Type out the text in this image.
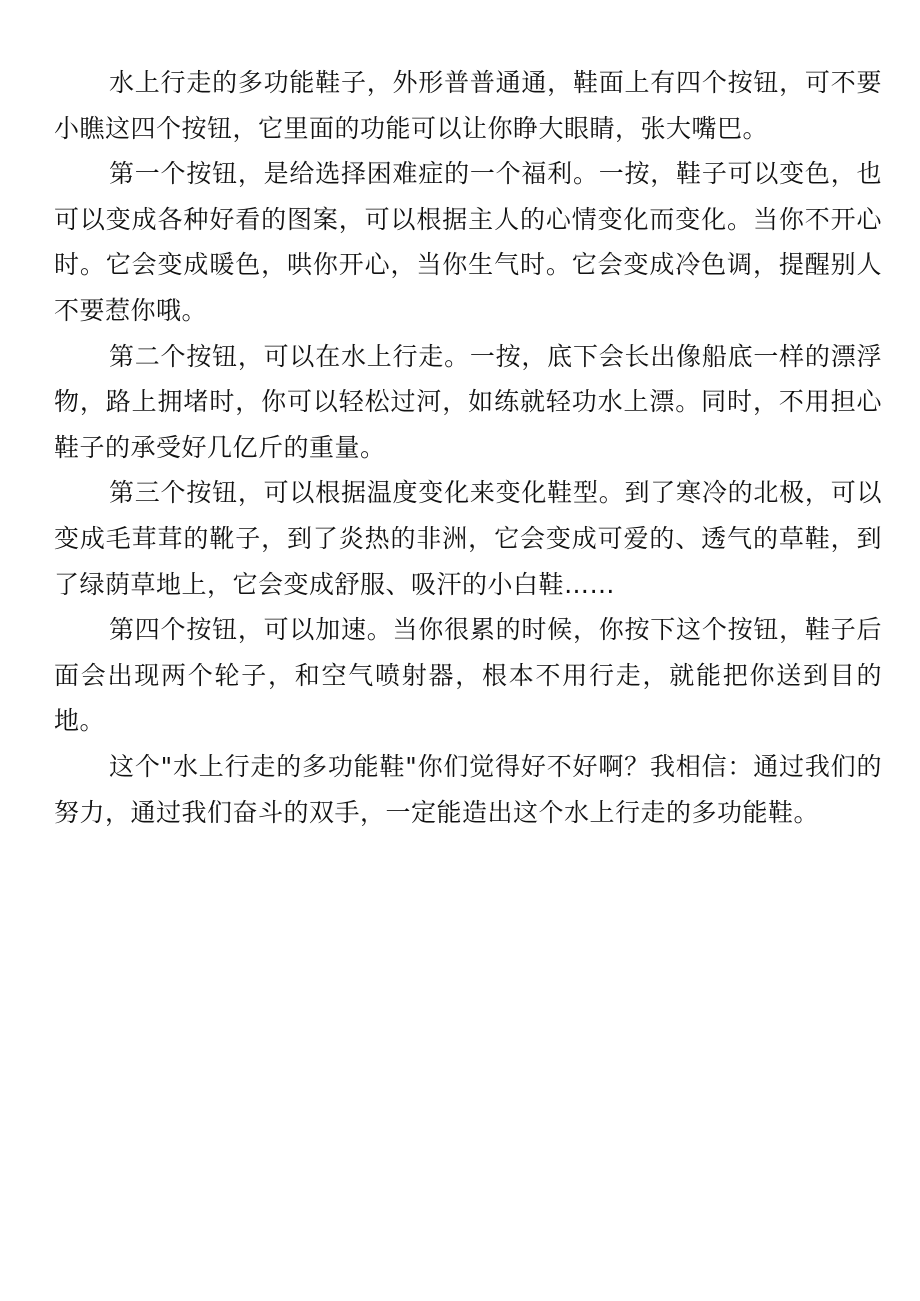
水上行走的多功能鞋子，外形普普通通，鞋面上有四个按钮，可不要小瞧这四个按钮，它里面的功能可以让你睁大眼睛，张大嘴巴。

第一个按钮，是给选择困难症的一个福利。一按，鞋子可以变色，也可以变成各种好看的图案，可以根据主人的心情变化而变化。当你不开心时。它会变成暖色，哄你开心，当你生气时。它会变成冷色调，提醒别人不要惹你哦。

第二个按钮，可以在水上行走。一按，底下会长出像船底一样的漂浮物，路上拥堵时，你可以轻松过河，如练就轻功水上漂。同时，不用担心鞋子的承受好几亿斤的重量。

第三个按钮，可以根据温度变化来变化鞋型。到了寒冷的北极，可以变成毛茸茸的靴子，到了炎热的非洲，它会变成可爱的、透气的草鞋，到了绿荫草地上，它会变成舒服、吸汗的小白鞋……

第四个按钮，可以加速。当你很累的时候，你按下这个按钮，鞋子后面会出现两个轮子，和空气喷射器，根本不用行走，就能把你送到目的地。

这个"水上行走的多功能鞋"你们觉得好不好啊？我相信：通过我们的努力，通过我们奋斗的双手，一定能造出这个水上行走的多功能鞋。
